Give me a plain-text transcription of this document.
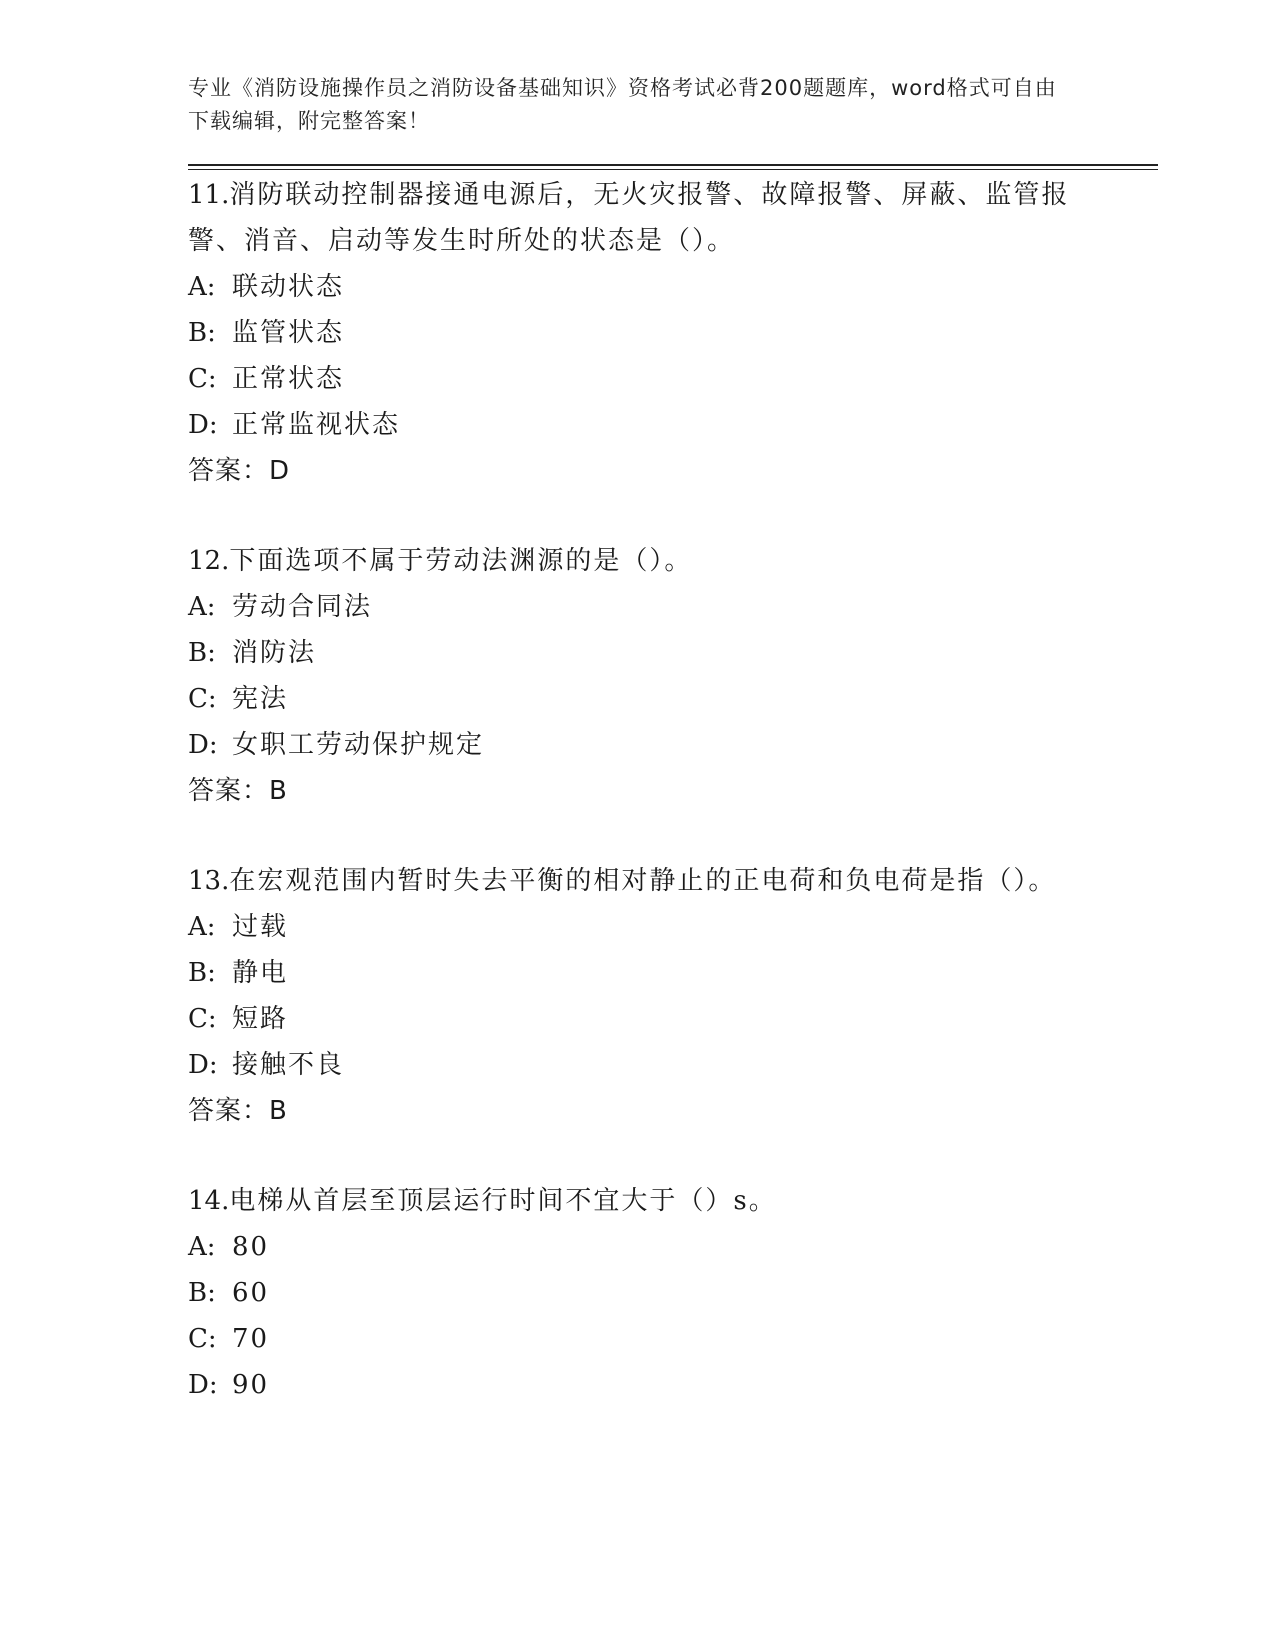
专业《消防设施操作员之消防设备基础知识》资格考试必背200题题库，word格式可自由下载编辑，附完整答案！

11.消防联动控制器接通电源后，无火灾报警、故障报警、屏蔽、监管报警、消音、启动等发生时所处的状态是（）。

A: 联动状态
B: 监管状态
C: 正常状态
D: 正常监视状态
答案：D

12.下面选项不属于劳动法渊源的是（）。

A: 劳动合同法
B: 消防法
C: 宪法
D: 女职工劳动保护规定
答案：B

13.在宏观范围内暂时失去平衡的相对静止的正电荷和负电荷是指（）。

A: 过载
B: 静电
C: 短路
D: 接触不良
答案：B

14.电梯从首层至顶层运行时间不宜大于（）s。

A: 80
B: 60
C: 70
D: 90
